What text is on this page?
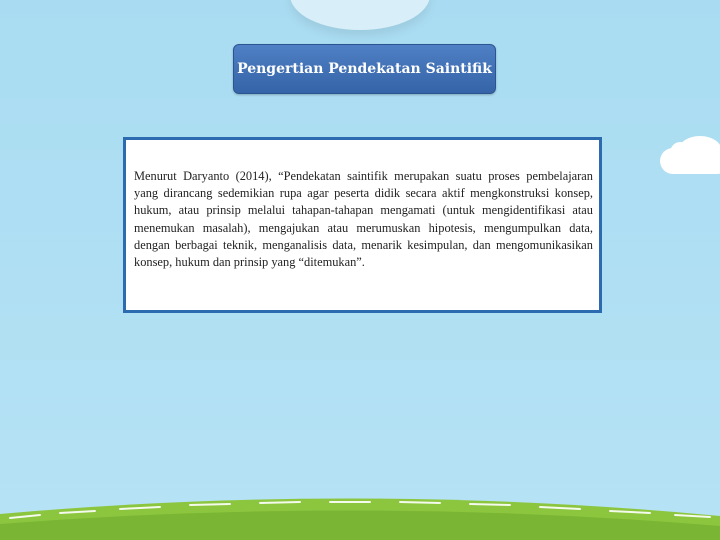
Pengertian Pendekatan Saintifik

Menurut Daryanto (2014), “Pendekatan saintifik merupakan suatu proses pembelajaran yang dirancang sedemikian rupa agar peserta didik secara aktif mengkonstruksi konsep, hukum, atau prinsip melalui tahapan-tahapan mengamati (untuk mengidentifikasi atau menemukan masalah), mengajukan atau merumuskan hipotesis, mengumpulkan data, dengan berbagai teknik, menganalisis data, menarik kesimpulan, dan mengomunikasikan konsep, hukum dan prinsip yang “ditemukan”.
